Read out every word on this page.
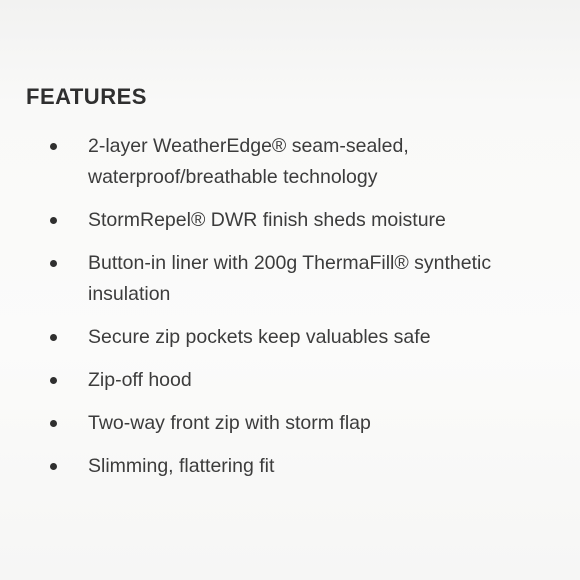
FEATURES
2-layer WeatherEdge® seam-sealed, waterproof/breathable technology
StormRepel® DWR finish sheds moisture
Button-in liner with 200g ThermaFill® synthetic insulation
Secure zip pockets keep valuables safe
Zip-off hood
Two-way front zip with storm flap
Slimming, flattering fit
